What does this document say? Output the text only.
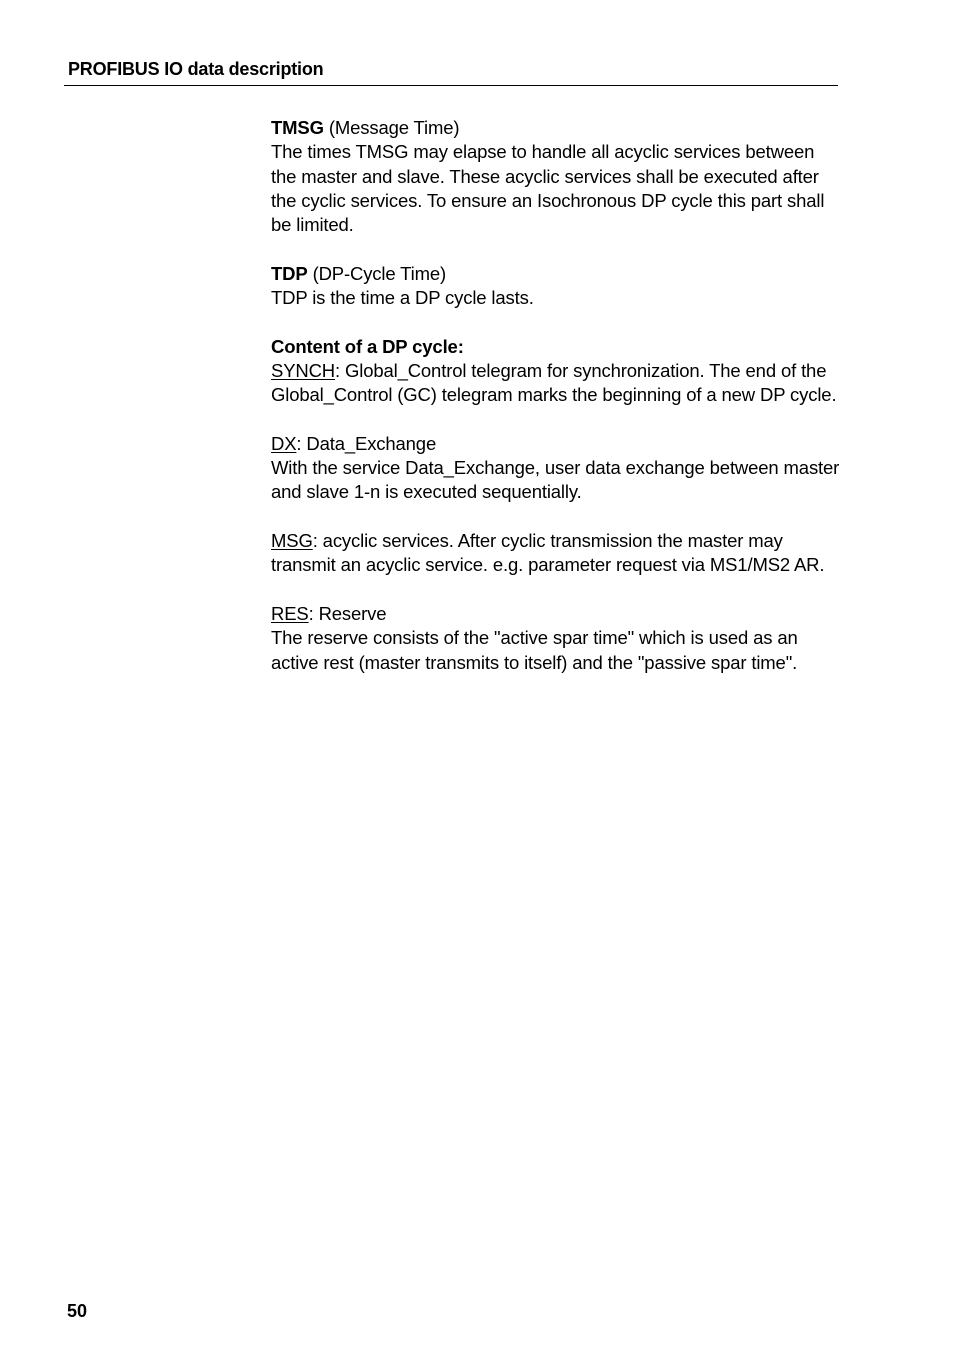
PROFIBUS IO data description

TMSG (Message Time)

The times TMSG may elapse to handle all acyclic services between the master and slave. These acyclic services shall be executed after the cyclic services. To ensure an Isochronous DP cycle this part shall be limited.

TDP (DP-Cycle Time)

TDP is the time a DP cycle lasts.

Content of a DP cycle:

SYNCH: Global_Control telegram for synchronization. The end of the Global_Control (GC) telegram marks the beginning of a new DP cycle.

DX: Data_Exchange

With the service Data_Exchange, user data exchange between master and slave 1-n is executed sequentially.

MSG: acyclic services. After cyclic transmission the master may transmit an acyclic service. e.g. parameter request via MS1/MS2 AR.

RES: Reserve

The reserve consists of the "active spar time" which is used as an active rest (master transmits to itself) and the "passive spar time".

50
